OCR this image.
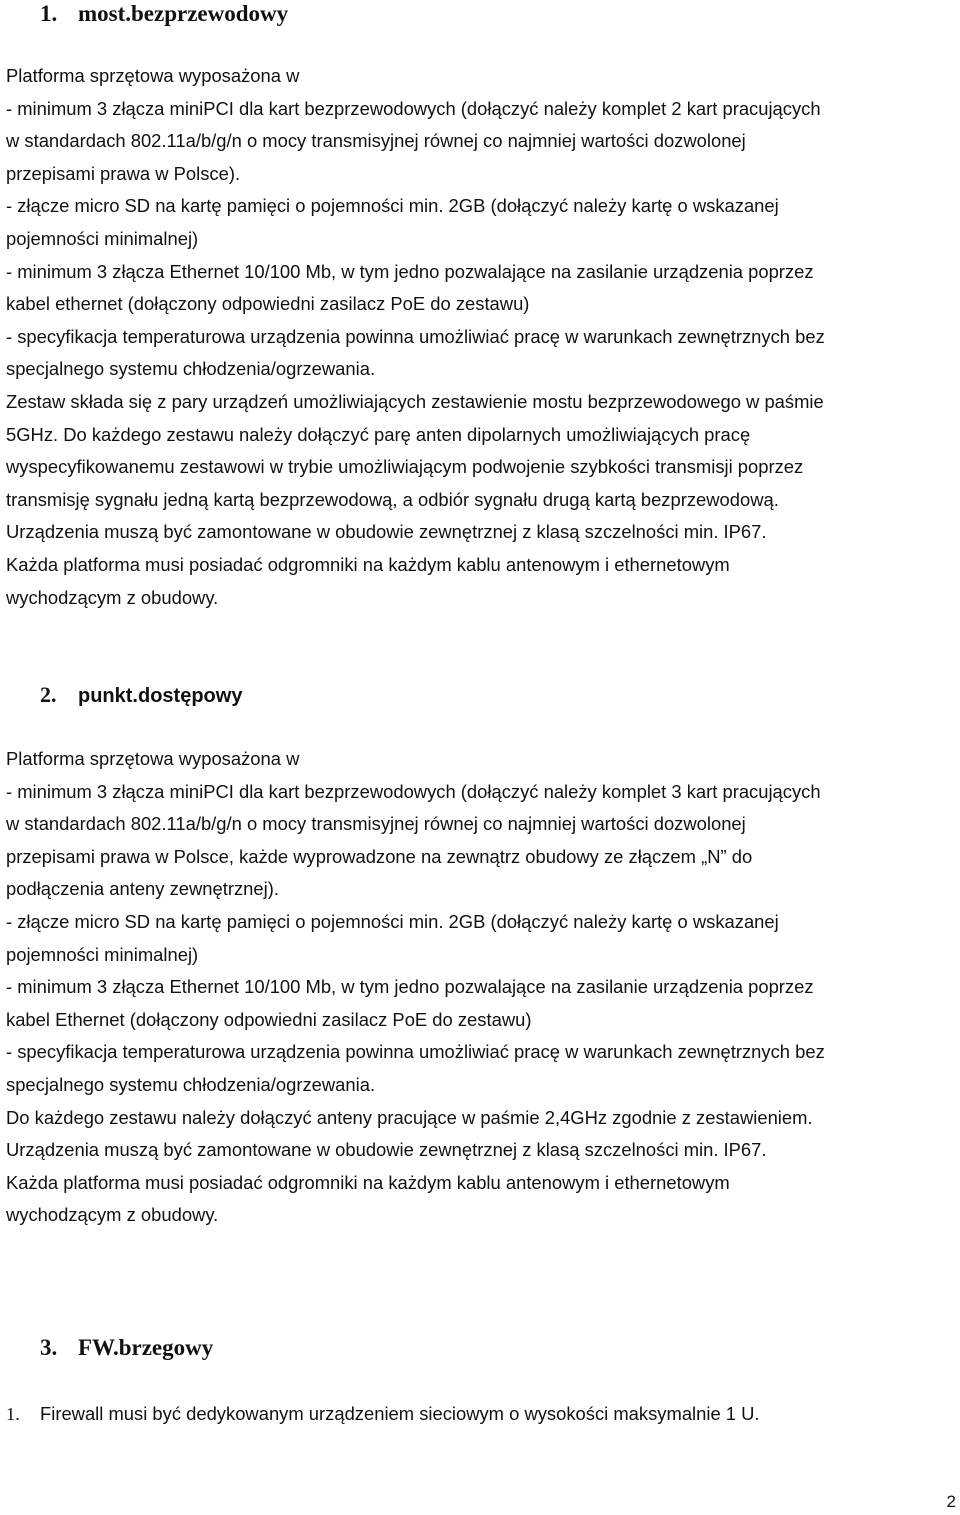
1. most.bezprzewodowy

Platforma sprzętowa wyposażona w

- minimum 3 złącza miniPCI dla kart bezprzewodowych (dołączyć należy komplet 2 kart pracujących

w standardach 802.11a/b/g/n o mocy transmisyjnej równej co najmniej wartości dozwolonej

przepisami prawa w Polsce).

- złącze micro SD na kartę pamięci o pojemności min. 2GB (dołączyć należy kartę o wskazanej

pojemności minimalnej)

- minimum 3 złącza Ethernet 10/100 Mb, w tym jedno pozwalające na zasilanie urządzenia poprzez

kabel ethernet (dołączony odpowiedni zasilacz PoE do zestawu)

- specyfikacja temperaturowa urządzenia powinna umożliwiać pracę w warunkach zewnętrznych bez

specjalnego systemu chłodzenia/ogrzewania.

Zestaw składa się z pary urządzeń umożliwiających zestawienie mostu bezprzewodowego w paśmie

5GHz. Do każdego zestawu należy dołączyć parę anten dipolarnych umożliwiających pracę

wyspecyfikowanemu zestawowi w trybie umożliwiającym podwojenie szybkości transmisji poprzez

transmisję sygnału jedną kartą bezprzewodową, a odbiór sygnału drugą kartą bezprzewodową.

Urządzenia muszą być zamontowane w obudowie zewnętrznej z klasą szczelności min. IP67.

Każda platforma musi posiadać odgromniki na każdym kablu antenowym i ethernetowym

wychodzącym z obudowy.

2. punkt.dostępowy

Platforma sprzętowa wyposażona w

- minimum 3 złącza miniPCI dla kart bezprzewodowych (dołączyć należy komplet 3 kart pracujących

w standardach 802.11a/b/g/n o mocy transmisyjnej równej co najmniej wartości dozwolonej

przepisami prawa w Polsce, każde wyprowadzone na zewnątrz obudowy ze złączem „N” do

podłączenia anteny zewnętrznej).

- złącze micro SD na kartę pamięci o pojemności min. 2GB (dołączyć należy kartę o wskazanej

pojemności minimalnej)

- minimum 3 złącza Ethernet 10/100 Mb, w tym jedno pozwalające na zasilanie urządzenia poprzez

kabel Ethernet (dołączony odpowiedni zasilacz PoE do zestawu)

- specyfikacja temperaturowa urządzenia powinna umożliwiać pracę w warunkach zewnętrznych bez

specjalnego systemu chłodzenia/ogrzewania.

Do każdego zestawu należy dołączyć anteny pracujące w paśmie 2,4GHz zgodnie z zestawieniem.

Urządzenia muszą być zamontowane w obudowie zewnętrznej z klasą szczelności min. IP67.

Każda platforma musi posiadać odgromniki na każdym kablu antenowym i ethernetowym

wychodzącym z obudowy.

3. FW.brzegowy
1. Firewall musi być dedykowanym urządzeniem sieciowym o wysokości maksymalnie 1 U.
2
